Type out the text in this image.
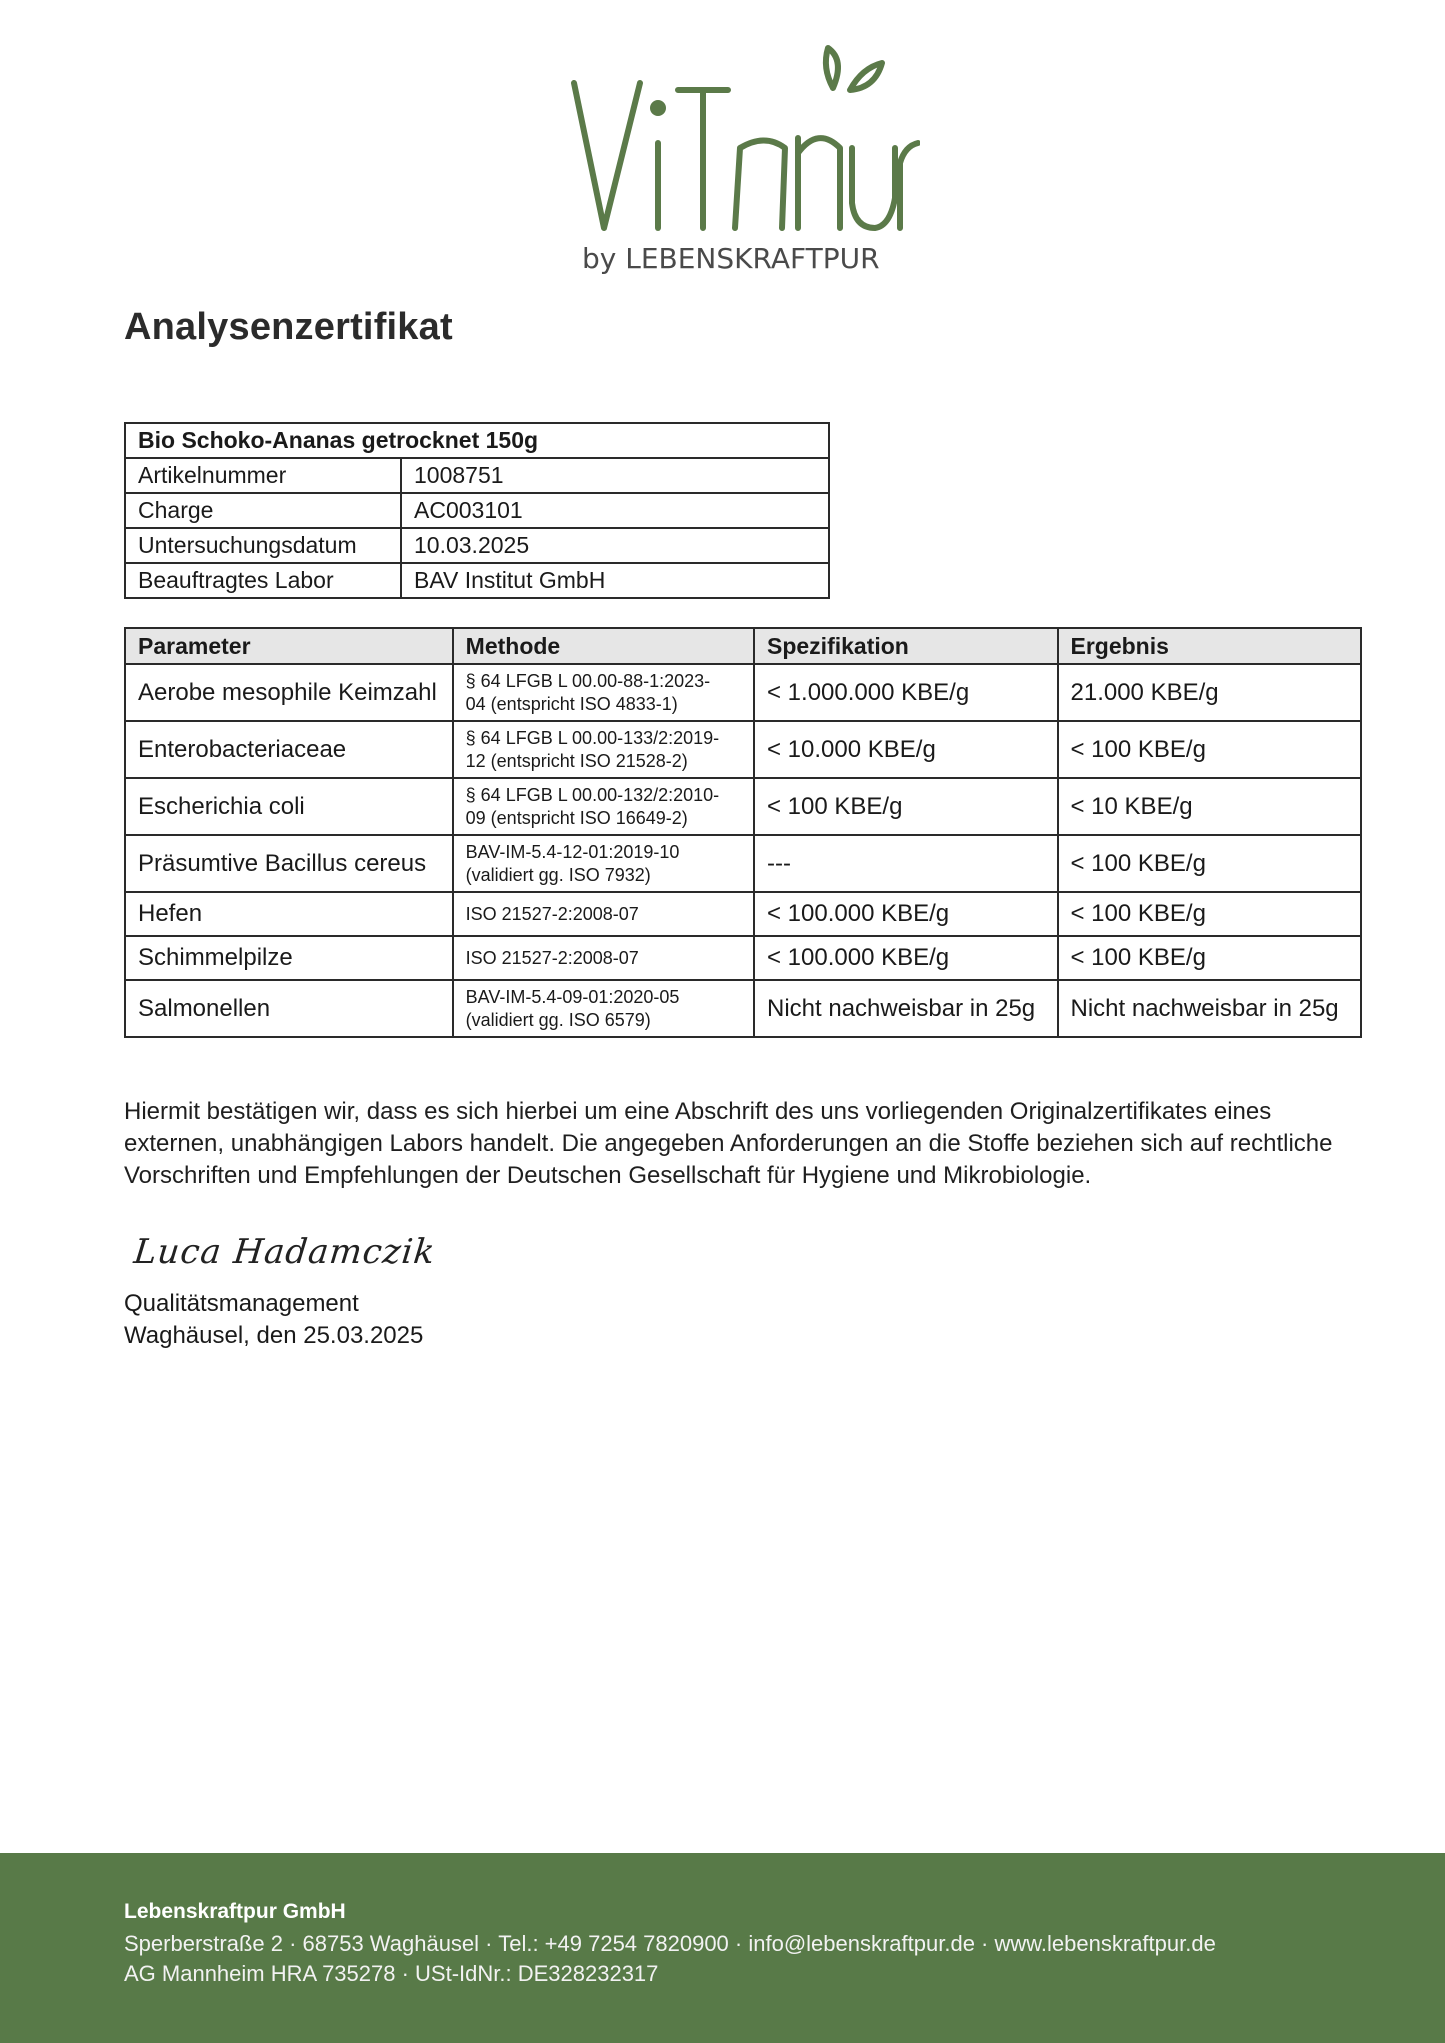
by LEBENSKRAFTPUR
Analysenzertifikat
Bio Schoko-Ananas getrocknet 150g	
Artikelnummer	1008751
Charge	AC003101
Untersuchungsdatum	10.03.2025
Beauftragtes Labor	BAV Institut GmbH
Parameter	Methode	Spezifikation	Ergebnis
Aerobe mesophile Keimzahl	§ 64 LFGB L 00.00-88-1:2023-
04 (entspricht ISO 4833-1)	< 1.000.000 KBE/g	21.000 KBE/g
Enterobacteriaceae	§ 64 LFGB L 00.00-133/2:2019-
12 (entspricht ISO 21528-2)	< 10.000 KBE/g	< 100 KBE/g
Escherichia coli	§ 64 LFGB L 00.00-132/2:2010-
09 (entspricht ISO 16649-2)	< 100 KBE/g	< 10 KBE/g
Präsumtive Bacillus cereus	BAV-IM-5.4-12-01:2019-10
(validiert gg. ISO 7932)	---	< 100 KBE/g
Hefen	ISO 21527-2:2008-07	< 100.000 KBE/g	< 100 KBE/g
Schimmelpilze	ISO 21527-2:2008-07	< 100.000 KBE/g	< 100 KBE/g
Salmonellen	BAV-IM-5.4-09-01:2020-05
(validiert gg. ISO 6579)	Nicht nachweisbar in 25g	Nicht nachweisbar in 25g

Hiermit bestätigen wir, dass es sich hierbei um eine Abschrift des uns vorliegenden Originalzertifikates eines externen, unabhängigen Labors handelt. Die angegeben Anforderungen an die Stoffe beziehen sich auf rechtliche Vorschriften und Empfehlungen der Deutschen Gesellschaft für Hygiene und Mikrobiologie.

Luca Hadamczik
Qualitätsmanagement
Waghäusel, den 25.03.2025
Lebenskraftpur GmbH
Sperberstraße 2 · 68753 Waghäusel · Tel.: +49 7254 7820900 · info@lebenskraftpur.de · www.lebenskraftpur.de
AG Mannheim HRA 735278 · USt-IdNr.: DE328232317
